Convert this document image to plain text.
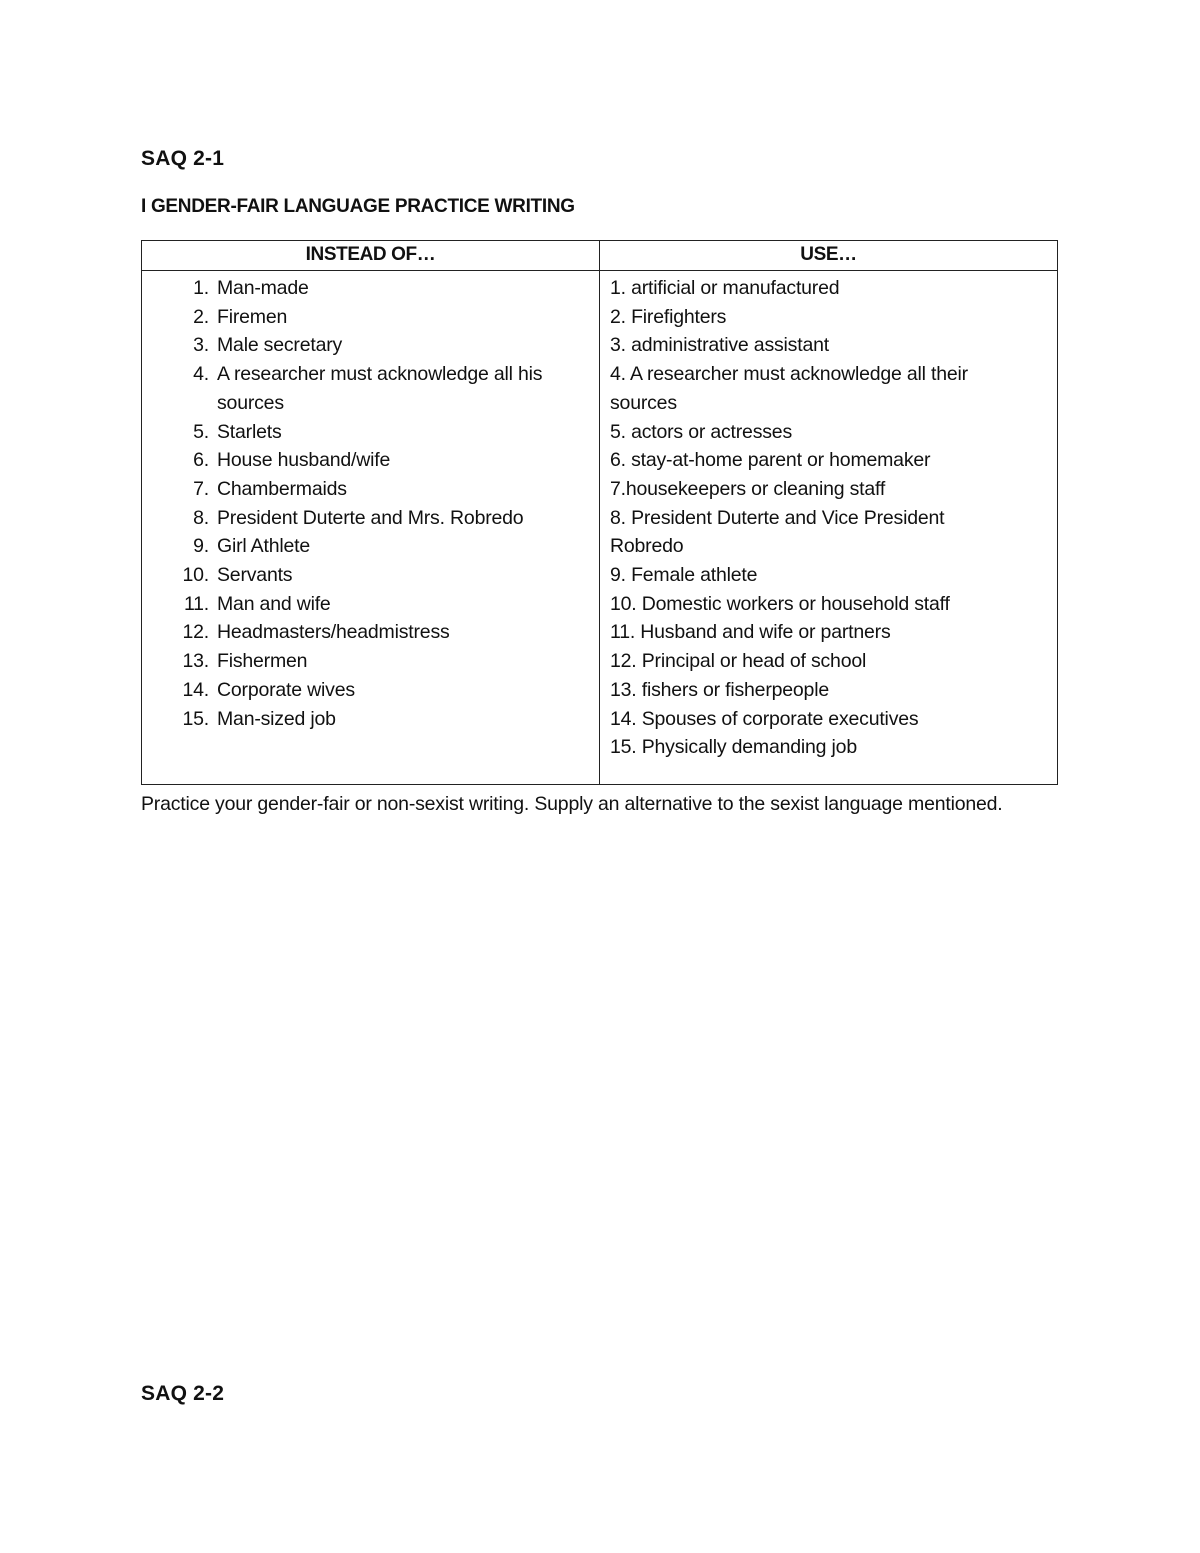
SAQ 2-1
I GENDER-FAIR LANGUAGE PRACTICE WRITING
INSTEAD OF…	USE…
1. Man-made
2. Firemen
3. Male secretary
4. A researcher must acknowledge all his sources
5. Starlets
6. House husband/wife
7. Chambermaids
8. President Duterte and Mrs. Robredo
9. Girl Athlete
10. Servants
11. Man and wife
12. Headmasters/headmistress
13. Fishermen
14. Corporate wives
15. Man-sized job
1. artificial or manufactured
2. Firefighters
3. administrative assistant
4. A researcher must acknowledge all their
sources
5. actors or actresses
6. stay-at-home parent or homemaker
7.housekeepers or cleaning staff
8. President Duterte and Vice President
Robredo
9. Female athlete
10. Domestic workers or household staff
11. Husband and wife or partners
12. Principal or head of school
13. fishers or fisherpeople
14. Spouses of corporate executives
15. Physically demanding job
Practice your gender-fair or non-sexist writing. Supply an alternative to the sexist language mentioned.
SAQ 2-2
